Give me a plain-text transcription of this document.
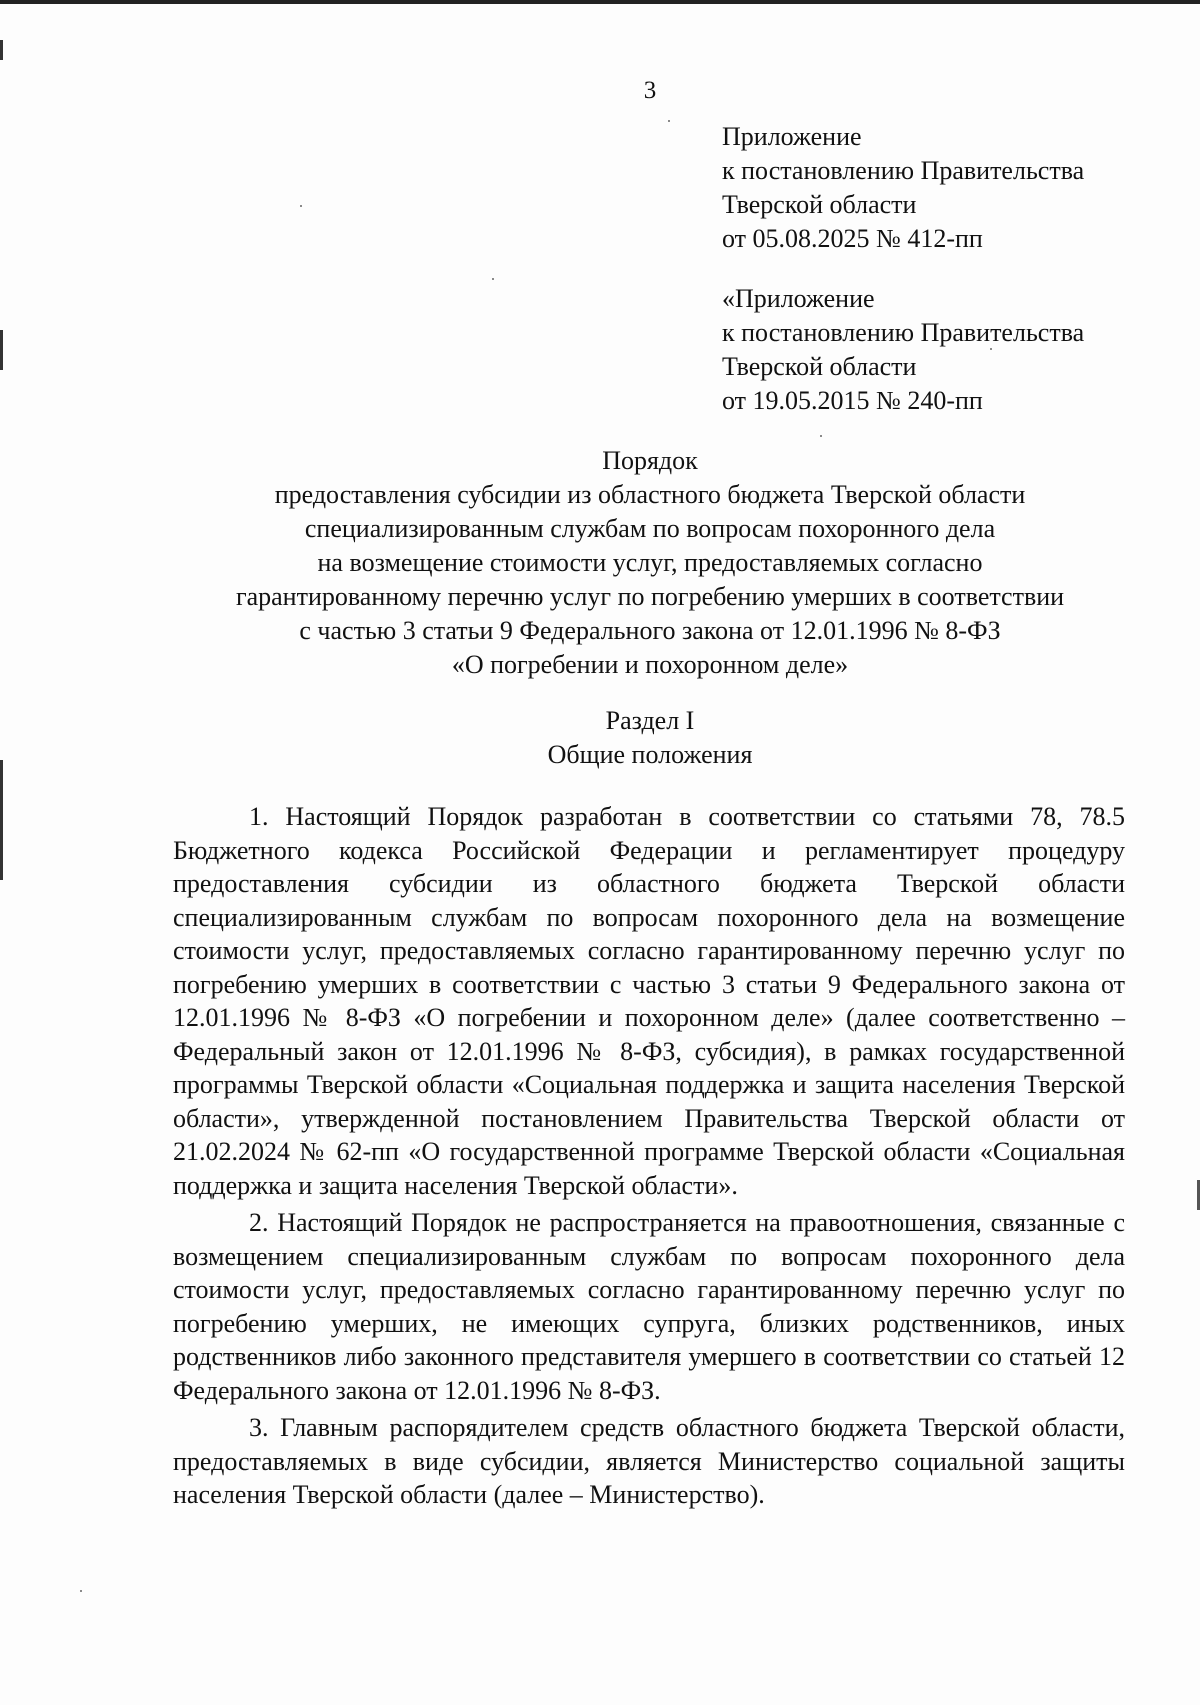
3
Приложение
к постановлению Правительства
Тверской области
от 05.08.2025 № 412-пп
«Приложение
к постановлению Правительства
Тверской области
от 19.05.2015 № 240-пп
Порядок
предоставления субсидии из областного бюджета Тверской области
специализированным службам по вопросам похоронного дела
на возмещение стоимости услуг, предоставляемых согласно
гарантированному перечню услуг по погребению умерших в соответствии
с частью 3 статьи 9 Федерального закона от 12.01.1996 № 8-ФЗ
«О погребении и похоронном деле»
Раздел I
Общие положения

1. Настоящий Порядок разработан в соответствии со статьями 78, 78.5 Бюджетного кодекса Российской Федерации и регламентирует процедуру предоставления субсидии из областного бюджета Тверской области специализированным службам по вопросам похоронного дела на возмещение стоимости услуг, предоставляемых согласно гарантированному перечню услуг по погребению умерших в соответствии с частью 3 статьи 9 Федерального закона от 12.01.1996 № 8-ФЗ «О погребении и похоронном деле» (далее соответственно – Федеральный закон от 12.01.1996 № 8-ФЗ, субсидия), в рамках государственной программы Тверской области «Социальная поддержка и защита населения Тверской области», утвержденной постановлением Правительства Тверской области от 21.02.2024 № 62-пп «О государственной программе Тверской области «Социальная поддержка и защита населения Тверской области».

2. Настоящий Порядок не распространяется на правоотношения, связанные с возмещением специализированным службам по вопросам похоронного дела стоимости услуг, предоставляемых согласно гарантированному перечню услуг по погребению умерших, не имеющих супруга, близких родственников, иных родственников либо законного представителя умершего в соответствии со статьей 12 Федерального закона от 12.01.1996 № 8-ФЗ.

3. Главным распорядителем средств областного бюджета Тверской области, предоставляемых в виде субсидии, является Министерство социальной защиты населения Тверской области (далее – Министерство).
